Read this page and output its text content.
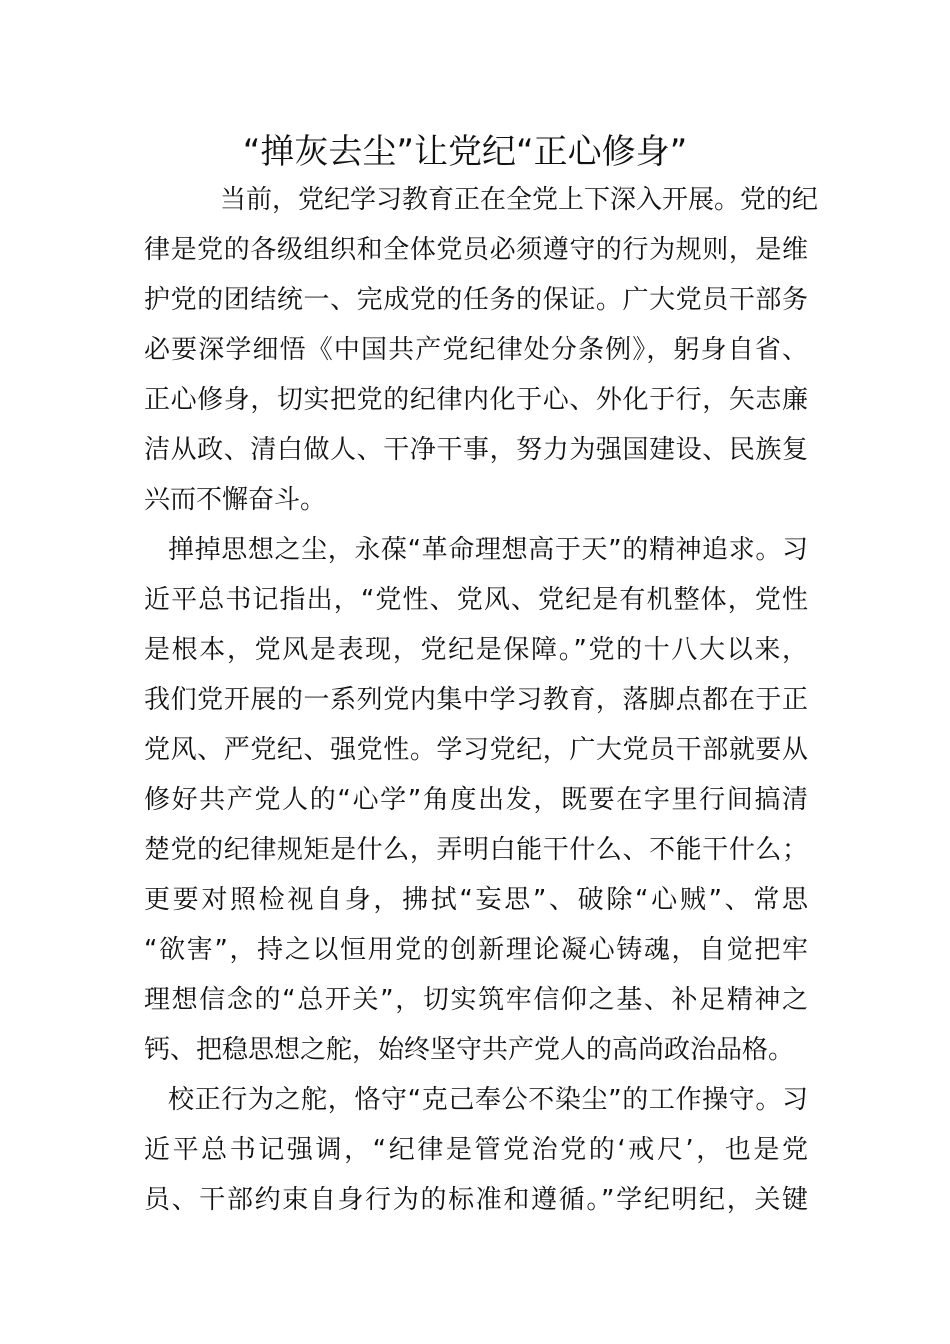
“掸灰去尘”让党纪“正心修身”
当前，党纪学习教育正在全党上下深入开展。党的纪
律是党的各级组织和全体党员必须遵守的行为规则，是维
护党的团结统一、完成党的任务的保证。广大党员干部务
必要深学细悟《中国共产党纪律处分条例》，躬身自省、
正心修身，切实把党的纪律内化于心、外化于行，矢志廉
洁从政、清白做人、干净干事，努力为强国建设、民族复
兴而不懈奋斗。
掸掉思想之尘，永葆“革命理想高于天”的精神追求。习
近平总书记指出，“党性、党风、党纪是有机整体，党性
是根本，党风是表现，党纪是保障。”党的十八大以来，
我们党开展的一系列党内集中学习教育，落脚点都在于正
党风、严党纪、强党性。学习党纪，广大党员干部就要从
修好共产党人的“心学”角度出发，既要在字里行间搞清
楚党的纪律规矩是什么，弄明白能干什么、不能干什么；
更要对照检视自身，拂拭“妄思”、破除“心贼”、常思
“欲害”，持之以恒用党的创新理论凝心铸魂，自觉把牢
理想信念的“总开关”，切实筑牢信仰之基、补足精神之
钙、把稳思想之舵，始终坚守共产党人的高尚政治品格。
校正行为之舵，恪守“克己奉公不染尘”的工作操守。习
近平总书记强调，“纪律是管党治党的‘戒尺’，也是党
员、干部约束自身行为的标准和遵循。”学纪明纪，关键
